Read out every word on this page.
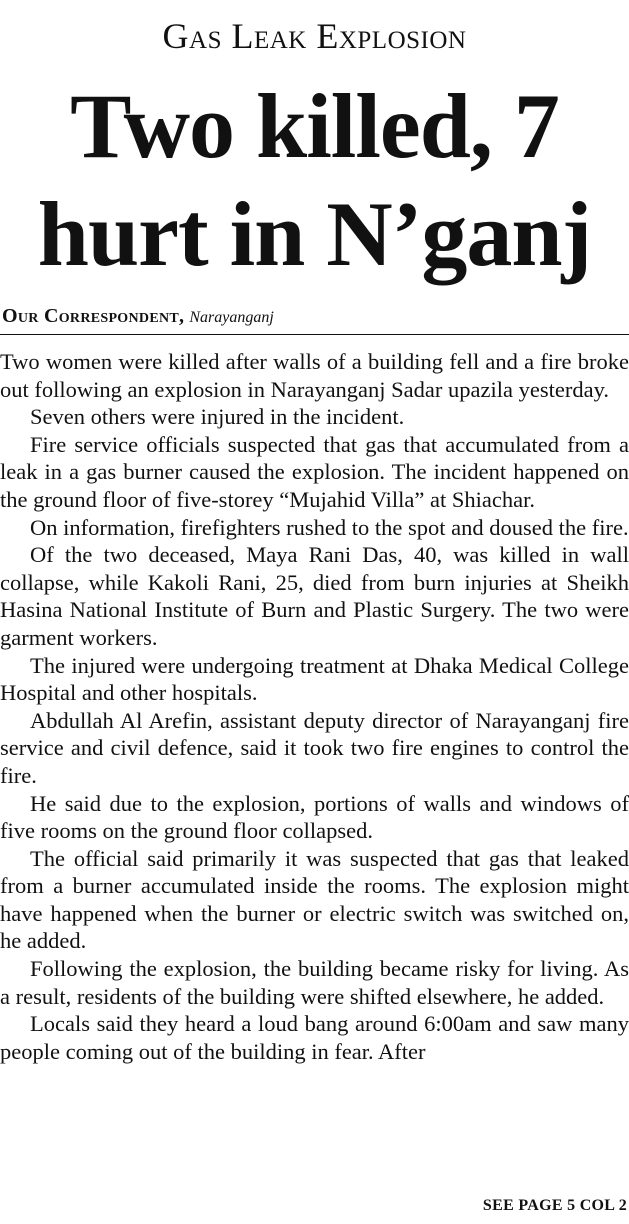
Gas Leak Explosion
Two killed, 7
hurt in N’ganj
Our Correspondent, Narayanganj

Two women were killed after walls of a building fell and a fire broke out following an explosion in Narayanganj Sadar upazila yesterday.

Seven others were injured in the incident.

Fire service officials suspected that gas that accumulated from a leak in a gas burner caused the explosion. The incident happened on the ground floor of five-storey “Mujahid Villa” at Shiachar.

On information, firefighters rushed to the spot and doused the fire.

Of the two deceased, Maya Rani Das, 40, was killed in wall collapse, while Kakoli Rani, 25, died from burn injuries at Sheikh Hasina National Institute of Burn and Plastic Surgery. The two were garment workers.

The injured were undergoing treatment at Dhaka Medical College Hospital and other hospitals.

Abdullah Al Arefin, assistant deputy director of Narayanganj fire service and civil defence, said it took two fire engines to control the fire.

He said due to the explosion, portions of walls and windows of five rooms on the ground floor collapsed.

The official said primarily it was suspected that gas that leaked from a burner accumulated inside the rooms. The explosion might have happened when the burner or electric switch was switched on, he added.

Following the explosion, the building became risky for living. As a result, residents of the building were shifted elsewhere, he added.

Locals said they heard a loud bang around 6:00am and saw many people coming out of the building in fear. After

SEE PAGE 5 COL 2
